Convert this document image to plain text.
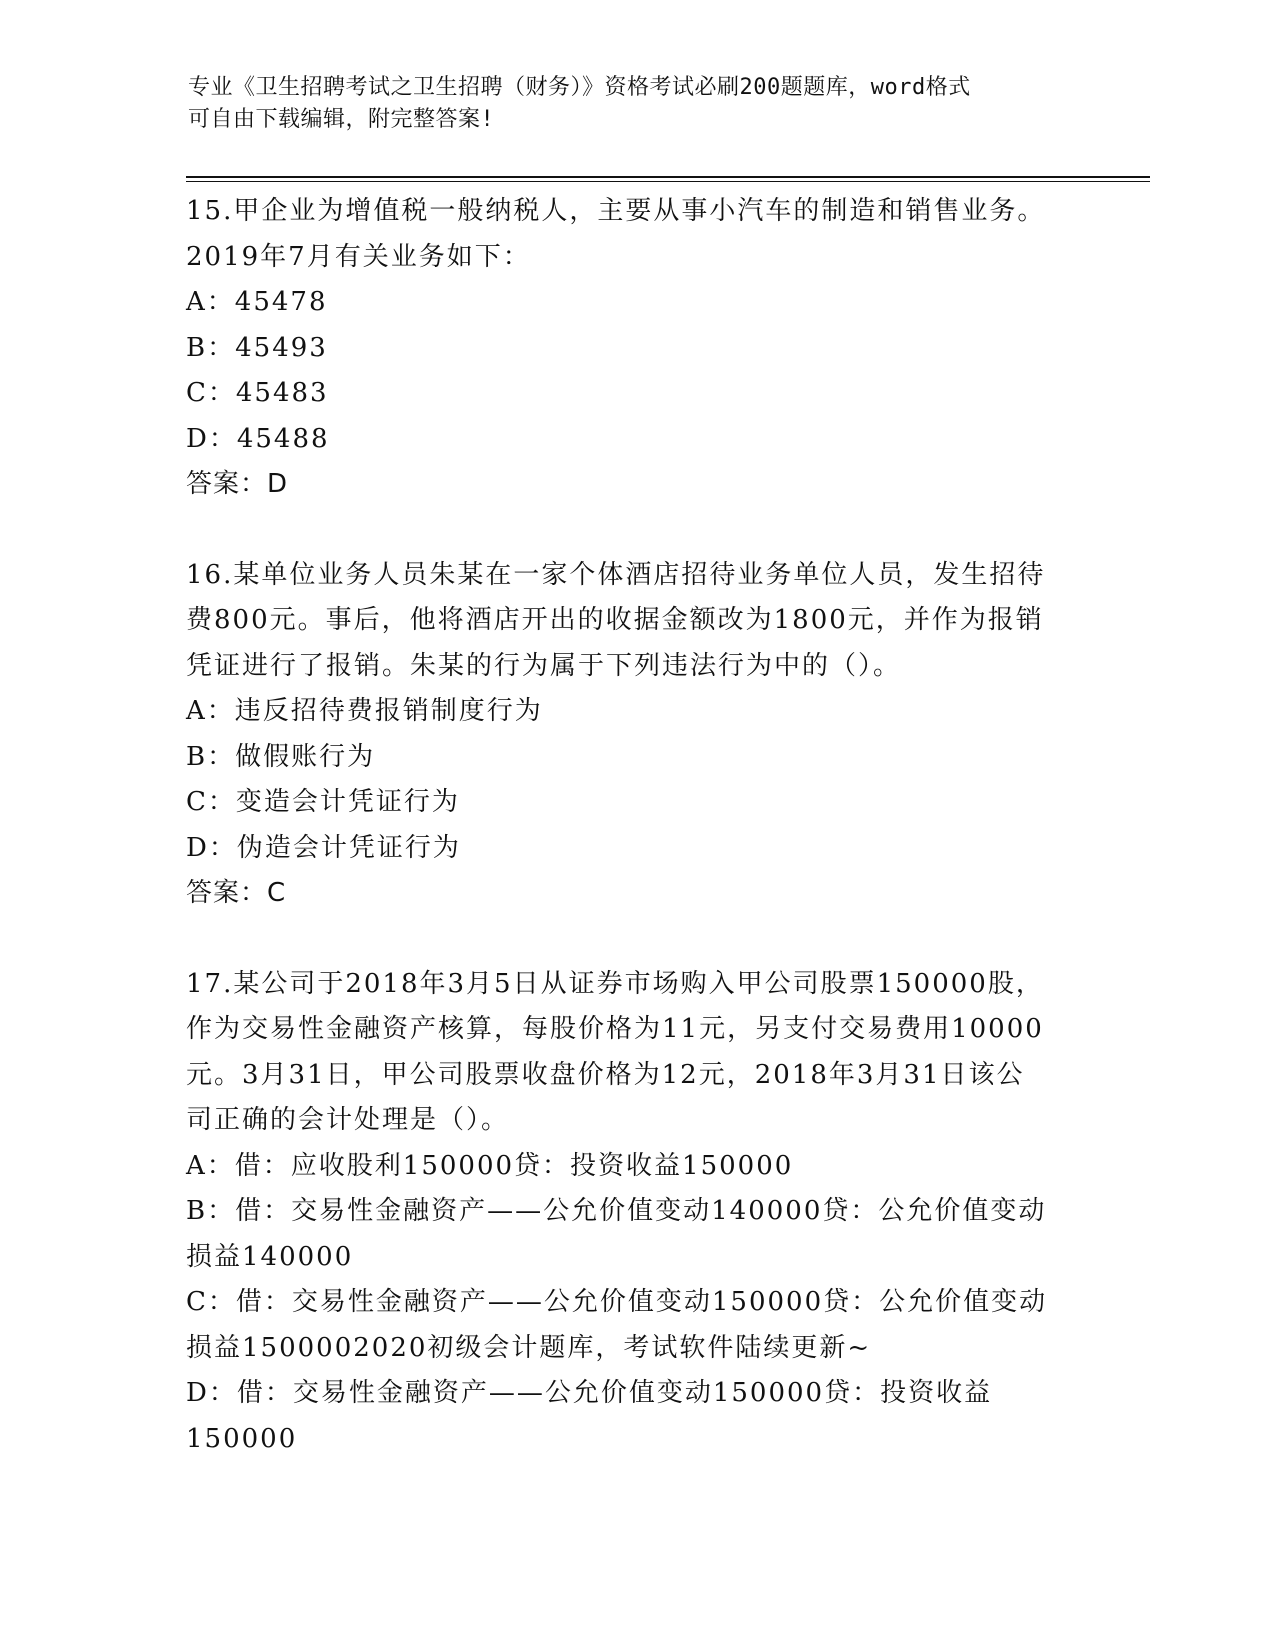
专业《卫生招聘考试之卫生招聘（财务）》资格考试必刷200题题库，word格式
可自由下载编辑，附完整答案!

15.甲企业为增值税一般纳税人，主要从事小汽车的制造和销售业务。

2019年7月有关业务如下：

A：45478

B：45493

C：45483

D：45488

答案：D

16.某单位业务人员朱某在一家个体酒店招待业务单位人员，发生招待

费800元。事后，他将酒店开出的收据金额改为1800元，并作为报销

凭证进行了报销。朱某的行为属于下列违法行为中的（）。

A：违反招待费报销制度行为

B：做假账行为

C：变造会计凭证行为

D：伪造会计凭证行为

答案：C

17.某公司于2018年3月5日从证券市场购入甲公司股票150000股，

作为交易性金融资产核算，每股价格为11元，另支付交易费用10000

元。3月31日，甲公司股票收盘价格为12元，2018年3月31日该公

司正确的会计处理是（）。

A：借：应收股利150000贷：投资收益150000

B：借：交易性金融资产——公允价值变动140000贷：公允价值变动

损益140000

C：借：交易性金融资产——公允价值变动150000贷：公允价值变动

损益1500002020初级会计题库，考试软件陆续更新~

D：借：交易性金融资产——公允价值变动150000贷：投资收益

150000
